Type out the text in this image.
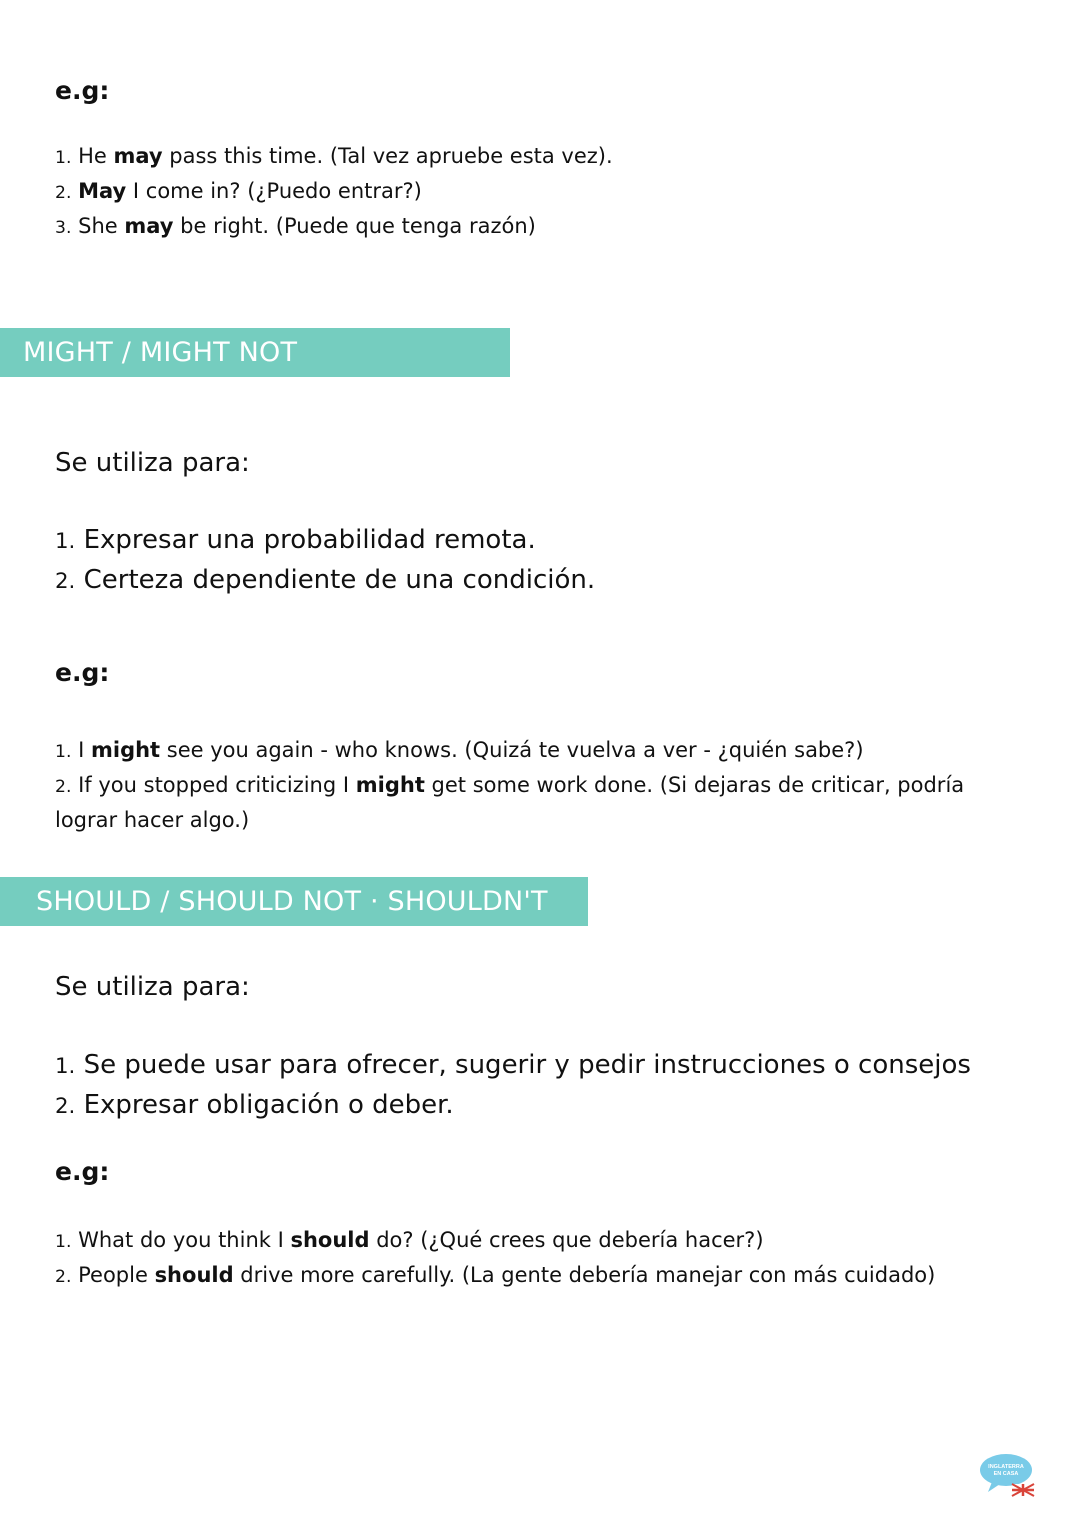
e.g:

1. He may pass this time. (Tal vez apruebe esta vez).
2. May I come in? (¿Puedo entrar?)
3. She may be right. (Puede que tenga razón)
MIGHT / MIGHT NOT

Se utiliza para:

1. Expresar una probabilidad remota.
2. Certeza dependiente de una condición.

e.g:

1. I might see you again - who knows. (Quizá te vuelva a ver - ¿quién sabe?)
2. If you stopped criticizing I might get some work done. (Si dejaras de criticar, podría lograr hacer algo.)
SHOULD / SHOULD NOT · SHOULDN'T

Se utiliza para:

1. Se puede usar para ofrecer, sugerir y pedir instrucciones o consejos
2. Expresar obligación o deber.

e.g:

1. What do you think I should do? (¿Qué crees que debería hacer?)
2. People should drive more carefully. (La gente debería manejar con más cuidado)
INGLATERRA
EN CASA
